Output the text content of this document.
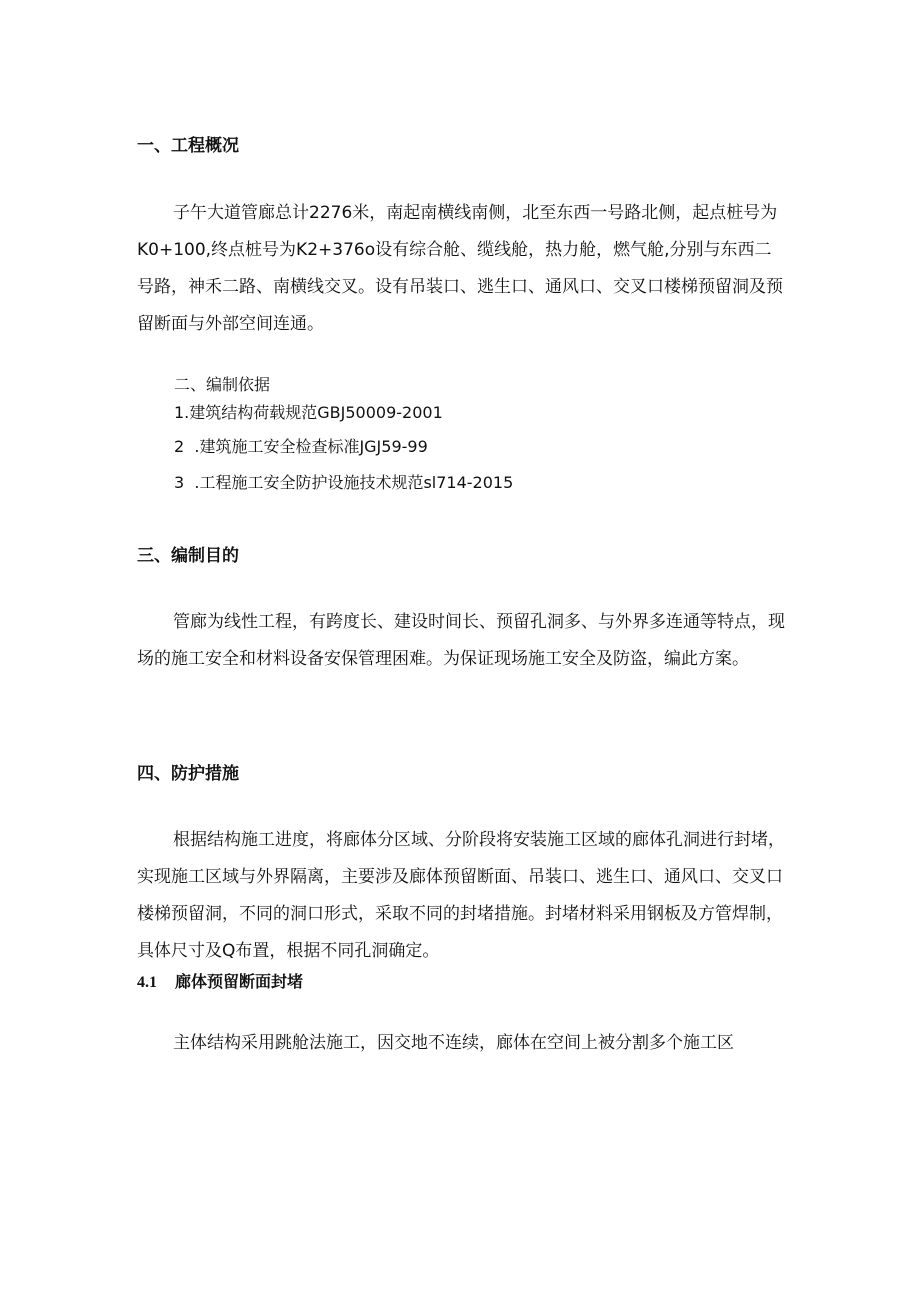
一、工程概况
子午大道管廊总计2276米，南起南横线南侧，北至东西一号路北侧，起点桩号为K0+100,终点桩号为K2+376o设有综合舱、缆线舱，热力舱，燃气舱,分别与东西二号路，神禾二路、南横线交叉。设有吊装口、逃生口、通风口、交叉口楼梯预留洞及预留断面与外部空间连通。
二、编制依据
1.建筑结构荷载规范GBJ50009-2001
2  .建筑施工安全检查标准JGJ59-99
3  .工程施工安全防护设施技术规范sl714-2015
三、编制目的
管廊为线性工程，有跨度长、建设时间长、预留孔洞多、与外界多连通等特点，现场的施工安全和材料设备安保管理困难。为保证现场施工安全及防盗，编此方案。
四、防护措施
根据结构施工进度，将廊体分区域、分阶段将安装施工区域的廊体孔洞进行封堵，实现施工区域与外界隔离，主要涉及廊体预留断面、吊装口、逃生口、通风口、交叉口楼梯预留洞，不同的洞口形式，采取不同的封堵措施。封堵材料采用钢板及方管焊制，具体尺寸及Q布置，根据不同孔洞确定。
4.1 廊体预留断面封堵
主体结构采用跳舱法施工，因交地不连续，廊体在空间上被分割多个施工区
